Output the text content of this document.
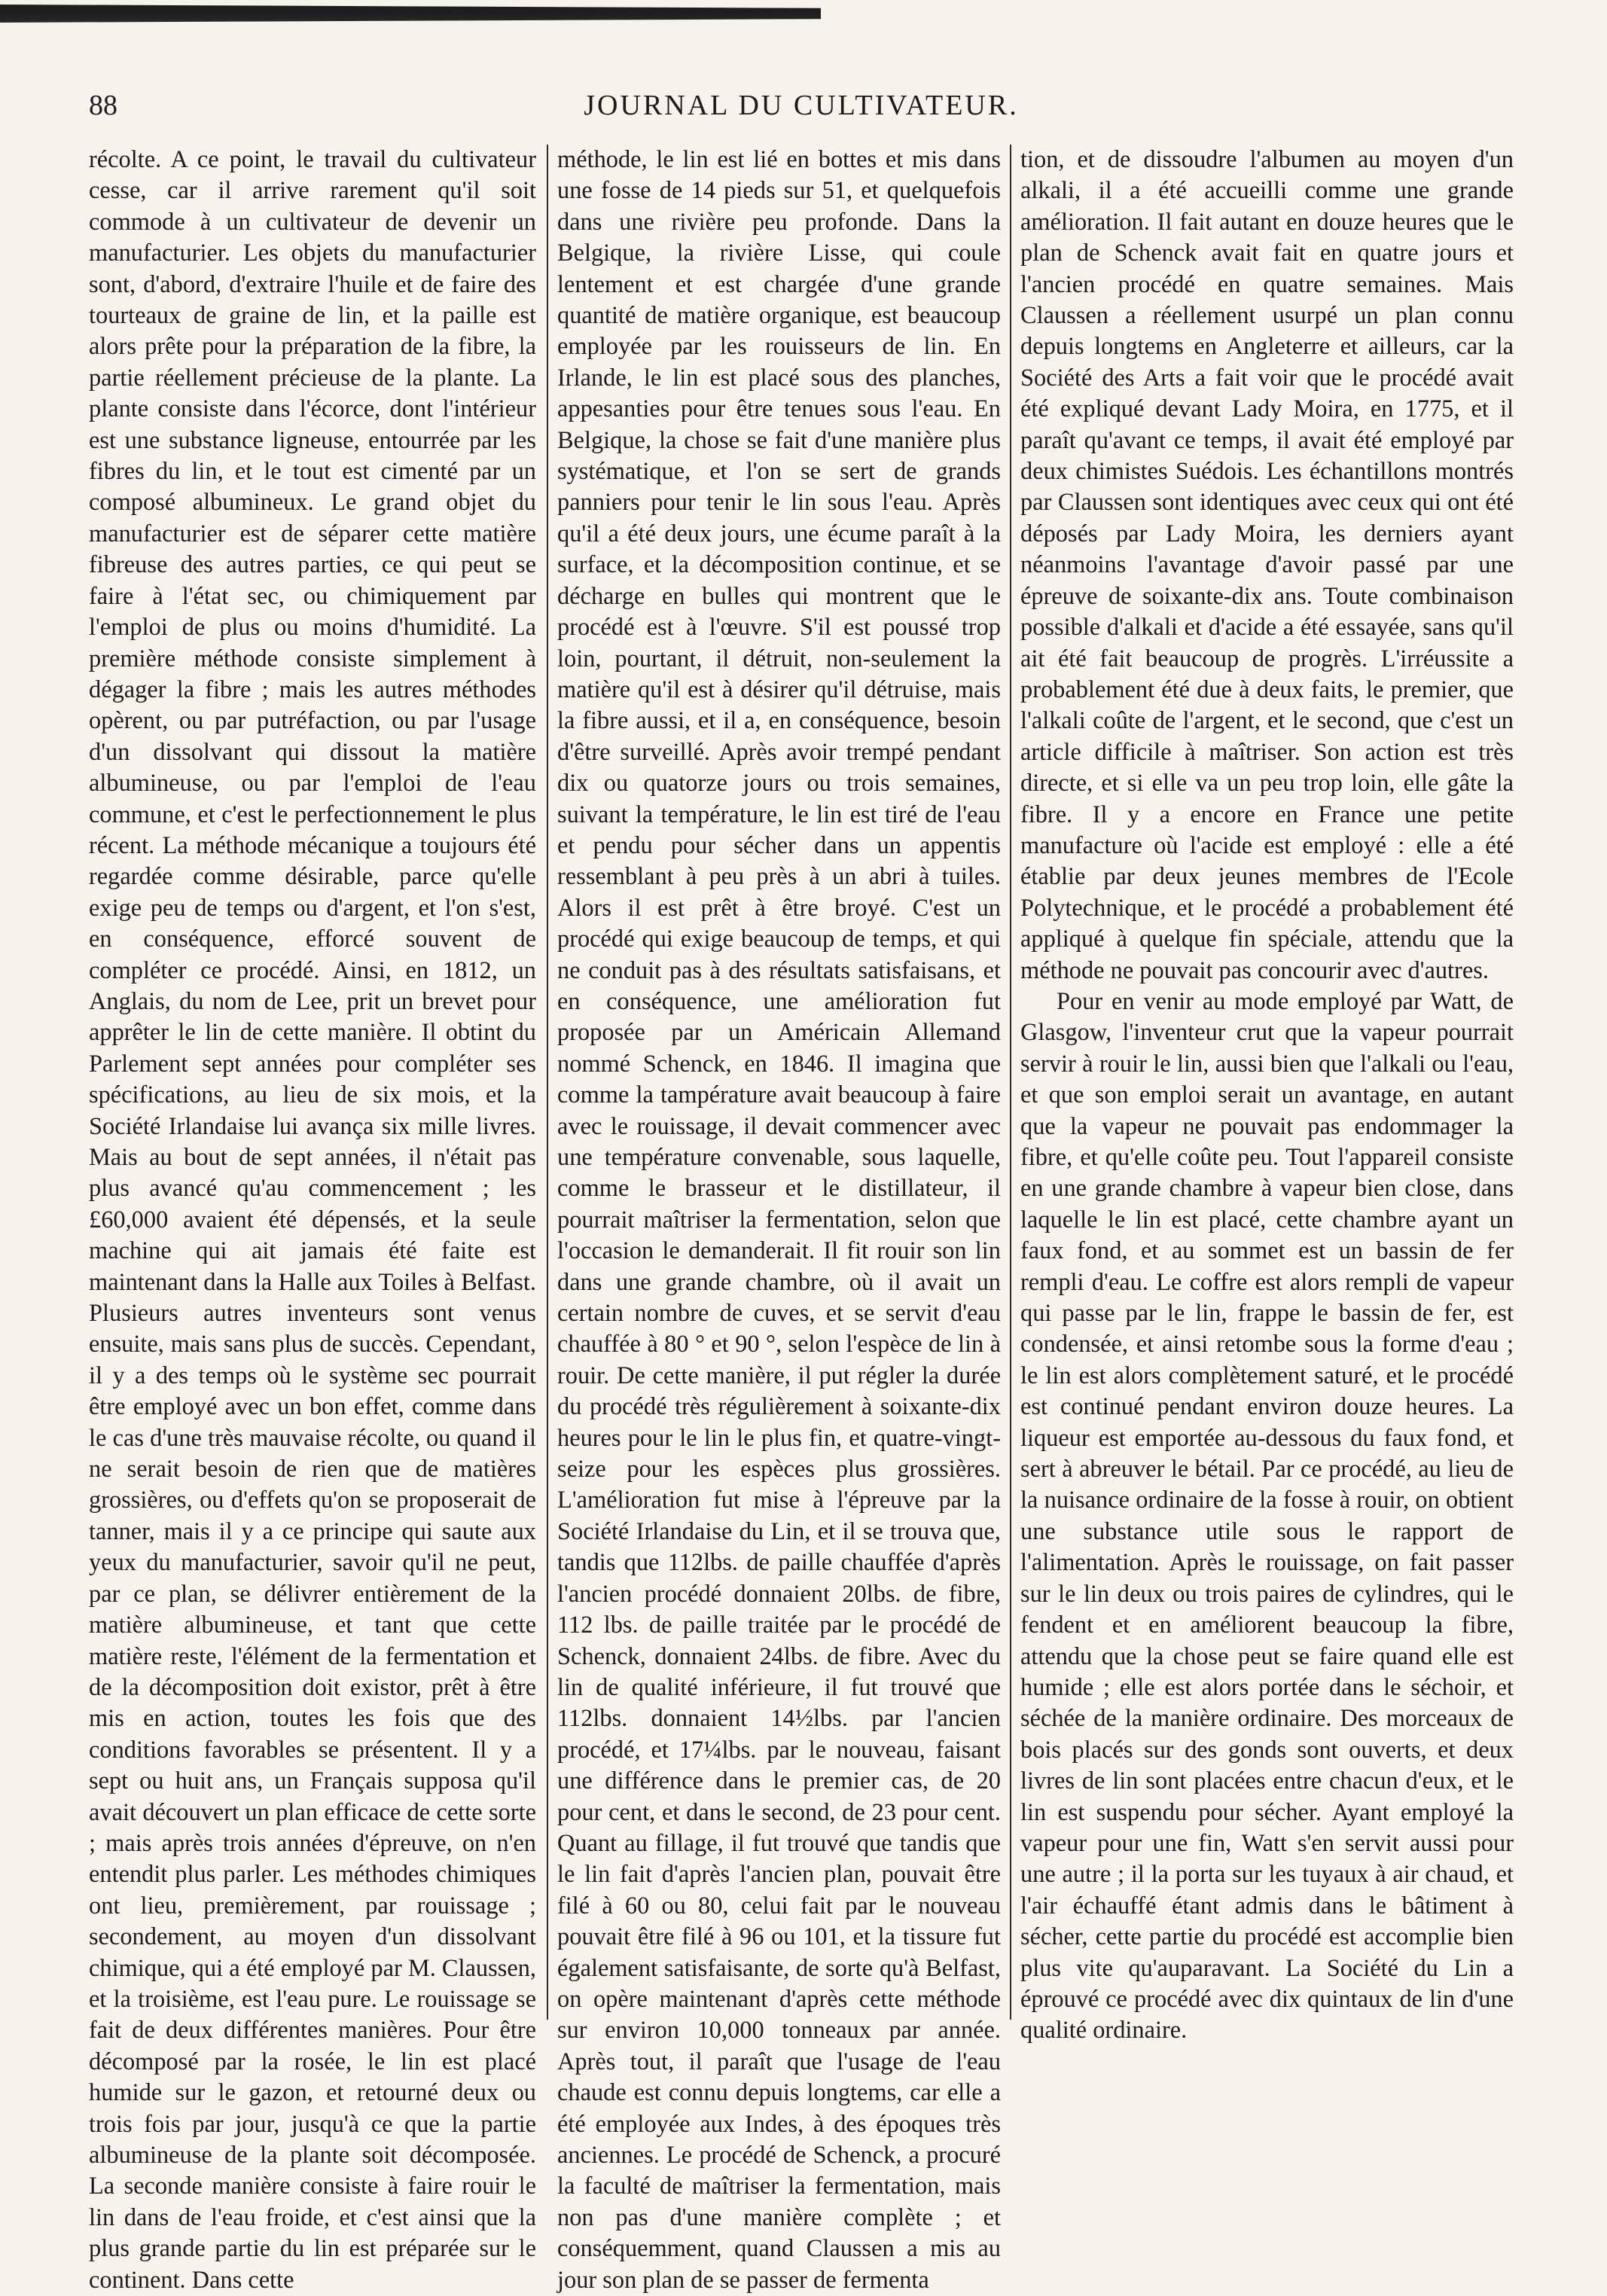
88	JOURNAL DU CULTIVATEUR.

récolte. A ce point, le travail du cultivateur cesse, car il arrive rarement qu'il soit commode à un cultivateur de devenir un manufacturier. Les objets du manufacturier sont, d'abord, d'extraire l'huile et de faire des tourteaux de graine de lin, et la paille est alors prête pour la préparation de la fibre, la partie réellement précieuse de la plante. La plante consiste dans l'écorce, dont l'intérieur est une substance ligneuse, entourrée par les fibres du lin, et le tout est cimenté par un composé albumineux. Le grand objet du manufacturier est de séparer cette matière fibreuse des autres parties, ce qui peut se faire à l'état sec, ou chimiquement par l'emploi de plus ou moins d'humidité. La première méthode consiste simplement à dégager la fibre ; mais les autres méthodes opèrent, ou par putréfaction, ou par l'usage d'un dissolvant qui dissout la matière albumineuse, ou par l'emploi de l'eau commune, et c'est le perfectionnement le plus récent. La méthode mécanique a toujours été regardée comme désirable, parce qu'elle exige peu de temps ou d'argent, et l'on s'est, en conséquence, efforcé souvent de compléter ce procédé. Ainsi, en 1812, un Anglais, du nom de Lee, prit un brevet pour apprêter le lin de cette manière. Il obtint du Parlement sept années pour compléter ses spécifications, au lieu de six mois, et la Société Irlandaise lui avança six mille livres. Mais au bout de sept années, il n'était pas plus avancé qu'au commencement ; les £60,000 avaient été dépensés, et la seule machine qui ait jamais été faite est maintenant dans la Halle aux Toiles à Belfast. Plusieurs autres inventeurs sont venus ensuite, mais sans plus de succès. Cependant, il y a des temps où le système sec pourrait être employé avec un bon effet, comme dans le cas d'une très mauvaise récolte, ou quand il ne serait besoin de rien que de matières grossières, ou d'effets qu'on se proposerait de tanner, mais il y a ce principe qui saute aux yeux du manufacturier, savoir qu'il ne peut, par ce plan, se délivrer entièrement de la matière albumineuse, et tant que cette matière reste, l'élément de la fermentation et de la décomposition doit existor, prêt à être mis en action, toutes les fois que des conditions favorables se présentent. Il y a sept ou huit ans, un Français supposa qu'il avait découvert un plan efficace de cette sorte ; mais après trois années d'épreuve, on n'en entendit plus parler. Les méthodes chimiques ont lieu, premièrement, par rouissage ; secondement, au moyen d'un dissolvant chimique, qui a été employé par M. Claussen, et la troisième, est l'eau pure. Le rouissage se fait de deux différentes manières. Pour être décomposé par la rosée, le lin est placé humide sur le gazon, et retourné deux ou trois fois par jour, jusqu'à ce que la partie albumineuse de la plante soit décomposée. La seconde manière consiste à faire rouir le lin dans de l'eau froide, et c'est ainsi que la plus grande partie du lin est préparée sur le continent. Dans cette

méthode, le lin est lié en bottes et mis dans une fosse de 14 pieds sur 51, et quelquefois dans une rivière peu profonde. Dans la Belgique, la rivière Lisse, qui coule lentement et est chargée d'une grande quantité de matière organique, est beaucoup employée par les rouisseurs de lin. En Irlande, le lin est placé sous des planches, appesanties pour être tenues sous l'eau. En Belgique, la chose se fait d'une manière plus systématique, et l'on se sert de grands panniers pour tenir le lin sous l'eau. Après qu'il a été deux jours, une écume paraît à la surface, et la décomposition continue, et se décharge en bulles qui montrent que le procédé est à l'œuvre. S'il est poussé trop loin, pourtant, il détruit, non-seulement la matière qu'il est à désirer qu'il détruise, mais la fibre aussi, et il a, en conséquence, besoin d'être surveillé. Après avoir trempé pendant dix ou quatorze jours ou trois semaines, suivant la température, le lin est tiré de l'eau et pendu pour sécher dans un appentis ressemblant à peu près à un abri à tuiles. Alors il est prêt à être broyé. C'est un procédé qui exige beaucoup de temps, et qui ne conduit pas à des résultats satisfaisans, et en conséquence, une amélioration fut proposée par un Américain Allemand nommé Schenck, en 1846. Il imagina que comme la tampérature avait beaucoup à faire avec le rouissage, il devait commencer avec une température convenable, sous laquelle, comme le brasseur et le distillateur, il pourrait maîtriser la fermentation, selon que l'occasion le demanderait. Il fit rouir son lin dans une grande chambre, où il avait un certain nombre de cuves, et se servit d'eau chauffée à 80 ° et 90 °, selon l'espèce de lin à rouir. De cette manière, il put régler la durée du procédé très régulièrement à soixante-dix heures pour le lin le plus fin, et quatre-vingt-seize pour les espèces plus grossières. L'amélioration fut mise à l'épreuve par la Société Irlandaise du Lin, et il se trouva que, tandis que 112lbs. de paille chauffée d'après l'ancien procédé donnaient 20lbs. de fibre, 112 lbs. de paille traitée par le procédé de Schenck, donnaient 24lbs. de fibre. Avec du lin de qualité inférieure, il fut trouvé que 112lbs. donnaient 14½lbs. par l'ancien procédé, et 17¼lbs. par le nouveau, faisant une différence dans le premier cas, de 20 pour cent, et dans le second, de 23 pour cent. Quant au fillage, il fut trouvé que tandis que le lin fait d'après l'ancien plan, pouvait être filé à 60 ou 80, celui fait par le nouveau pouvait être filé à 96 ou 101, et la tissure fut également satisfaisante, de sorte qu'à Belfast, on opère maintenant d'après cette méthode sur environ 10,000 tonneaux par année. Après tout, il paraît que l'usage de l'eau chaude est connu depuis longtems, car elle a été employée aux Indes, à des époques très anciennes. Le procédé de Schenck, a procuré la faculté de maîtriser la fermentation, mais non pas d'une manière complète ; et conséquemment, quand Claussen a mis au jour son plan de se passer de fermenta

tion, et de dissoudre l'albumen au moyen d'un alkali, il a été accueilli comme une grande amélioration. Il fait autant en douze heures que le plan de Schenck avait fait en quatre jours et l'ancien procédé en quatre semaines. Mais Claussen a réellement usurpé un plan connu depuis longtems en Angleterre et ailleurs, car la Société des Arts a fait voir que le procédé avait été expliqué devant Lady Moira, en 1775, et il paraît qu'avant ce temps, il avait été employé par deux chimistes Suédois. Les échantillons montrés par Claussen sont identiques avec ceux qui ont été déposés par Lady Moira, les derniers ayant néanmoins l'avantage d'avoir passé par une épreuve de soixante-dix ans. Toute combinaison possible d'alkali et d'acide a été essayée, sans qu'il ait été fait beaucoup de progrès. L'irréussite a probablement été due à deux faits, le premier, que l'alkali coûte de l'argent, et le second, que c'est un article difficile à maîtriser. Son action est très directe, et si elle va un peu trop loin, elle gâte la fibre. Il y a encore en France une petite manufacture où l'acide est employé : elle a été établie par deux jeunes membres de l'Ecole Polytechnique, et le procédé a probablement été appliqué à quelque fin spéciale, attendu que la méthode ne pouvait pas concourir avec d'autres.

Pour en venir au mode employé par Watt, de Glasgow, l'inventeur crut que la vapeur pourrait servir à rouir le lin, aussi bien que l'alkali ou l'eau, et que son emploi serait un avantage, en autant que la vapeur ne pouvait pas endommager la fibre, et qu'elle coûte peu. Tout l'appareil consiste en une grande chambre à vapeur bien close, dans laquelle le lin est placé, cette chambre ayant un faux fond, et au sommet est un bassin de fer rempli d'eau. Le coffre est alors rempli de vapeur qui passe par le lin, frappe le bassin de fer, est condensée, et ainsi retombe sous la forme d'eau ; le lin est alors complètement saturé, et le procédé est continué pendant environ douze heures. La liqueur est emportée au-dessous du faux fond, et sert à abreuver le bétail. Par ce procédé, au lieu de la nuisance ordinaire de la fosse à rouir, on obtient une substance utile sous le rapport de l'alimentation. Après le rouissage, on fait passer sur le lin deux ou trois paires de cylindres, qui le fendent et en améliorent beaucoup la fibre, attendu que la chose peut se faire quand elle est humide ; elle est alors portée dans le séchoir, et séchée de la manière ordinaire. Des morceaux de bois placés sur des gonds sont ouverts, et deux livres de lin sont placées entre chacun d'eux, et le lin est suspendu pour sécher. Ayant employé la vapeur pour une fin, Watt s'en servit aussi pour une autre ; il la porta sur les tuyaux à air chaud, et l'air échauffé étant admis dans le bâtiment à sécher, cette partie du procédé est accomplie bien plus vite qu'auparavant. La Société du Lin a éprouvé ce procédé avec dix quintaux de lin d'une qualité ordinaire.
